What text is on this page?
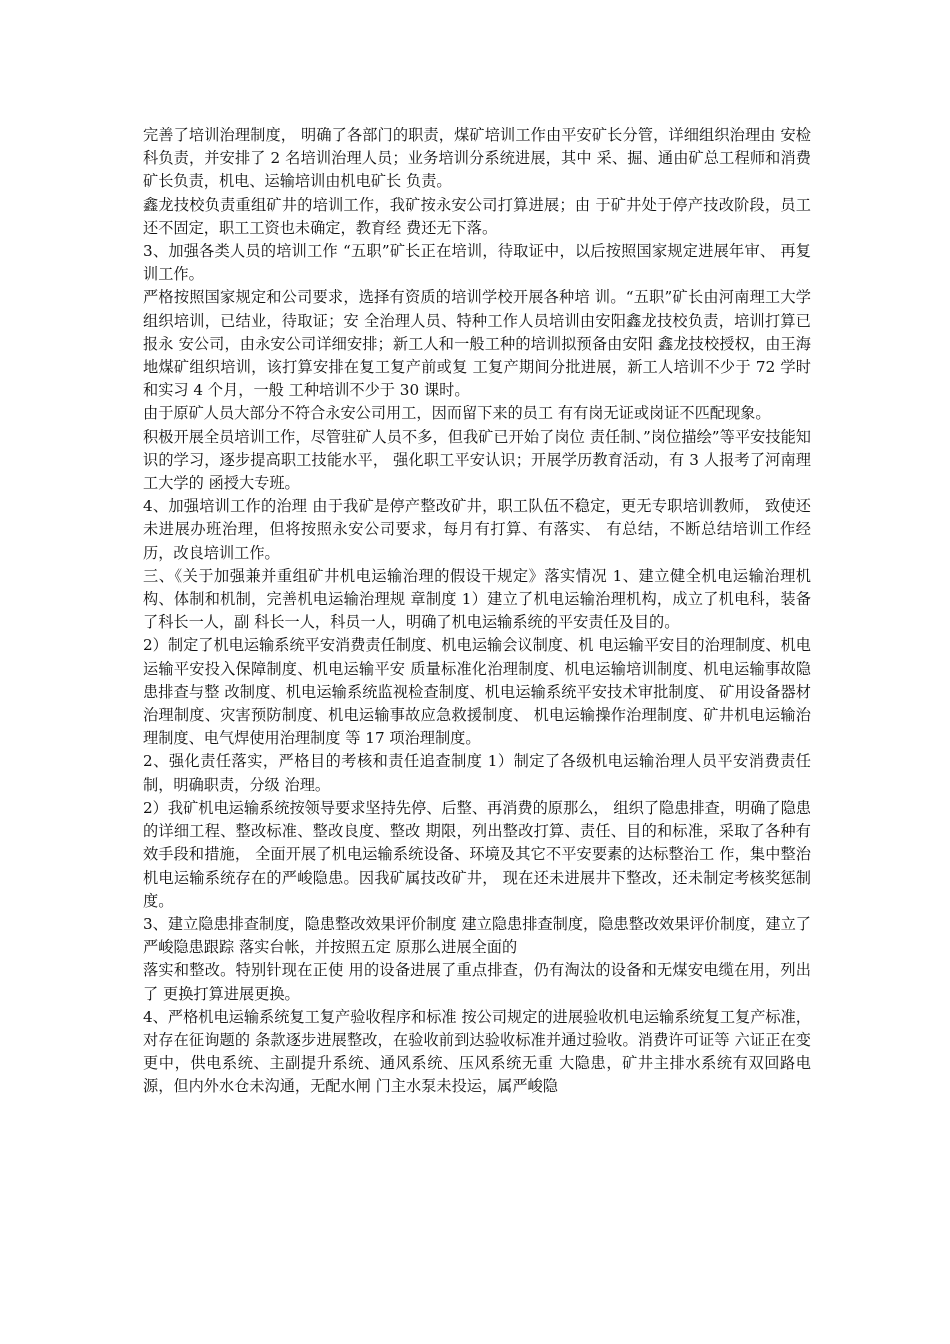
完善了培训治理制度， 明确了各部门的职责，煤矿培训工作由平安矿长分管，详细组织治理由 安检科负责，并安排了 2 名培训治理人员；业务培训分系统进展，其中 采、掘、通由矿总工程师和消费矿长负责，机电、运输培训由机电矿长 负责。

鑫龙技校负责重组矿井的培训工作，我矿按永安公司打算进展；由 于矿井处于停产技改阶段，员工还不固定，职工工资也未确定，教育经 费还无下落。

3、加强各类人员的培训工作 “五职”矿长正在培训，待取证中，以后按照国家规定进展年审、 再复训工作。

严格按照国家规定和公司要求，选择有资质的培训学校开展各种培 训。“五职”矿长由河南理工大学组织培训，已结业，待取证；安 全治理人员、特种工作人员培训由安阳鑫龙技校负责，培训打算已报永 安公司，由永安公司详细安排；新工人和一般工种的培训拟预备由安阳 鑫龙技校授权，由王海地煤矿组织培训，该打算安排在复工复产前或复 工复产期间分批进展，新工人培训不少于 72 学时和实习 4 个月，一般 工种培训不少于 30 课时。

由于原矿人员大部分不符合永安公司用工，因而留下来的员工 有有岗无证或岗证不匹配现象。

积极开展全员培训工作，尽管驻矿人员不多，但我矿已开始了岗位 责任制、”岗位描绘”等平安技能知识的学习，逐步提高职工技能水平， 强化职工平安认识；开展学历教育活动，有 3 人报考了河南理工大学的 函授大专班。

4、加强培训工作的治理 由于我矿是停产整改矿井，职工队伍不稳定，更无专职培训教师， 致使还未进展办班治理，但将按照永安公司要求，每月有打算、有落实、 有总结，不断总结培训工作经历，改良培训工作。

三、《关于加强兼并重组矿井机电运输治理的假设干规定》落实情况 1、建立健全机电运输治理机构、体制和机制，完善机电运输治理规 章制度 1）建立了机电运输治理机构，成立了机电科，装备了科长一人，副 科长一人，科员一人，明确了机电运输系统的平安责任及目的。

2）制定了机电运输系统平安消费责任制度、机电运输会议制度、机 电运输平安目的治理制度、机电运输平安投入保障制度、机电运输平安 质量标准化治理制度、机电运输培训制度、机电运输事故隐患排查与整 改制度、机电运输系统监视检查制度、机电运输系统平安技术审批制度、 矿用设备器材治理制度、灾害预防制度、机电运输事故应急救援制度、 机电运输操作治理制度、矿井机电运输治理制度、电气焊使用治理制度 等 17 项治理制度。

2、强化责任落实，严格目的考核和责任追查制度 1）制定了各级机电运输治理人员平安消费责任制，明确职责，分级 治理。

2）我矿机电运输系统按领导要求坚持先停、后整、再消费的原那么， 组织了隐患排查，明确了隐患的详细工程、整改标准、整改良度、整改 期限，列出整改打算、责任、目的和标准，采取了各种有效手段和措施， 全面开展了机电运输系统设备、环境及其它不平安要素的达标整治工 作，集中整治机电运输系统存在的严峻隐患。因我矿属技改矿井， 现在还未进展井下整改，还未制定考核奖惩制度。

3、建立隐患排查制度，隐患整改效果评价制度 建立隐患排查制度，隐患整改效果评价制度，建立了严峻隐患跟踪 落实台帐，并按照五定 原那么进展全面的

落实和整改。特别针现在正使 用的设备进展了重点排查，仍有淘汰的设备和无煤安电缆在用，列出了 更换打算进展更换。

4、严格机电运输系统复工复产验收程序和标准 按公司规定的进展验收机电运输系统复工复产标准，对存在征询题的 条款逐步进展整改，在验收前到达验收标准并通过验收。消费许可证等 六证正在变更中，供电系统、主副提升系统、通风系统、压风系统无重 大隐患，矿井主排水系统有双回路电源，但内外水仓未沟通，无配水闸 门主水泵未投运，属严峻隐
